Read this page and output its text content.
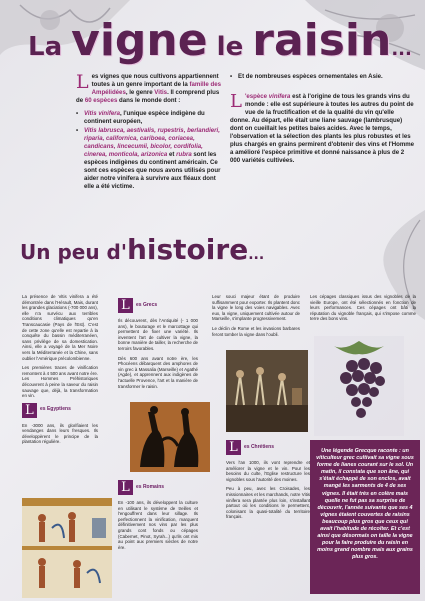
La vigne le raisin...

Les vignes que nous cultivons appartiennent toutes à un genre important de la famille des Ampélidées, le genre Vitis. Il comprend plus de 60 espèces dans le monde dont :

• Vitis vinifera, l'unique espèce indigène du continent européen,
• Vitis labrusca, aestivalis, rupestris, berlandieri, riparia, californica, cariboea, coriacea, candicans, lincecumii, bicolor, cordifolia, cinerea, monticola, arizonica et rubra sont les espèces indigènes du continent américain. Ce sont ces espèces que nous avons utilisés pour aider notre vinifera à survivre aux fléaux dont elle a été victime.
• Et de nombreuses espèces ornementales en Asie.

L 'espèce vinifera est à l'origine de tous les grands vins du monde : elle est supérieure à toutes les autres du point de vue de la fructification et de la qualité du vin qu'elle donne. Au départ, elle était une liane sauvage (lambrusque) dont on cueillait les petites baies acides. Avec le temps, l'observation et la sélection des plants les plus robustes et les plus chargés en grains permirent d'obtenir des vins et l'Homme a amélioré l'espèce primitive et donné naissance à plus de 2 000 variétés cultivées.

Un peu d'histoire...

La présence de Vitis vinifera a été démontrée dans l'Hérault, Mais, durant les grandes glaciations (-700 000 ans), elle n'a survécu aux terribles conditions climatiques qu'en Transcaucasie (Pays de l'Est). C'est de cette zone qu'elle est repartie à la conquête du bassin méditerranéen, sans privilège de sa domestication. Ainsi, elle a voyagé de la Mer Noire vers la Méditerranée et la Chine, sans oublier l'Amérique précolombienne.

Les premières traces de vinification remontent à 4 500 ans avant notre ère. Les Hommes Préhistoriques découvrent à peine la saveur du raisin sauvage que, déjà, la transformation en vin.

L	es Egyptiens

En -3000 ans, ils glorifiaient les vendanges dans leurs fresques. Ils développèrent le principe de la plantation régulière.

L	es Grecs

Ils découvrent, dès l'Antiquité (- 1 000 ans), le bouturage et le marcottage qui permettent de fixer une variété. Ils inventent l'art de cultiver la vigne, la bonne manière de tailler, la recherche de terroirs favorables.

Dès 600 ans avant notre ère, les Phocéens débarquent des amphores de vin grec à Massalia (Marseille) et Agathé (Agde), et apprennent aux indigènes de l'actuelle Provence, l'art et la manière de transformer le raisin.

L	es Romains

En -100 ans, ils développent la culture en utilisant le système de treilles et l'engouffrent dans leur sillage. Ils perfectionnent la vinification, marquent définitivement nos vins par les plus grands cont fonds ou cépages (Cabernet, Pinot, Syrah...) qu'ils ont mis au point aux premiers siècles de notre ère.

Leur souci majeur étant de produire suffisamment pour exporter. Ils plantent donc la vigne le long des voies navigables. Avec eux, la vigne, uniquement cultivée autour de Marseille, s'implante progressivement.

Le déclin de Rome et les invasions barbares feront tomber la vigne dans l'oubli.

L	es Chrétiens

Vers l'an 1000, ils vont reprendre et améliorer la vigne et le vin. Pour les besoins du culte, l'Eglise restructure les vignobles sous l'autorité des moines.

Peu à peu, avec les Croisades, les missionnaires et les marchands, notre Vitis vinifera sera plantée plus loin, s'installant partout où les conditions le permettent, colonisant la quasi-totalité du territoire français.

Les cépages classiques issus des vignobles de la vieille Europe, ont été sélectionnés en fonction de leurs performances. Ces cépages ont bâti la réputation du vignoble français, qui s'impose comme terre des bons vins.

Une légende Grecque raconte : un viticulteur grec cultivait sa vigne sous forme de lianes courant sur le sol. Un matin, il constata que son âne, qui s'était échappé de son enclos, avait mangé les sarments de 4 de ses vignes. Il était très en colère mais quelle ne fut pas sa surprise de découvrir, l'année suivante que ses 4 vignes étaient couvertes de raisins beaucoup plus gros que ceux qui avait l'habitude de récolter. Et c'est ainsi que désormais on taille la vigne pour la faire produire du raisin en moins grand nombre mais aux grains plus gros.
